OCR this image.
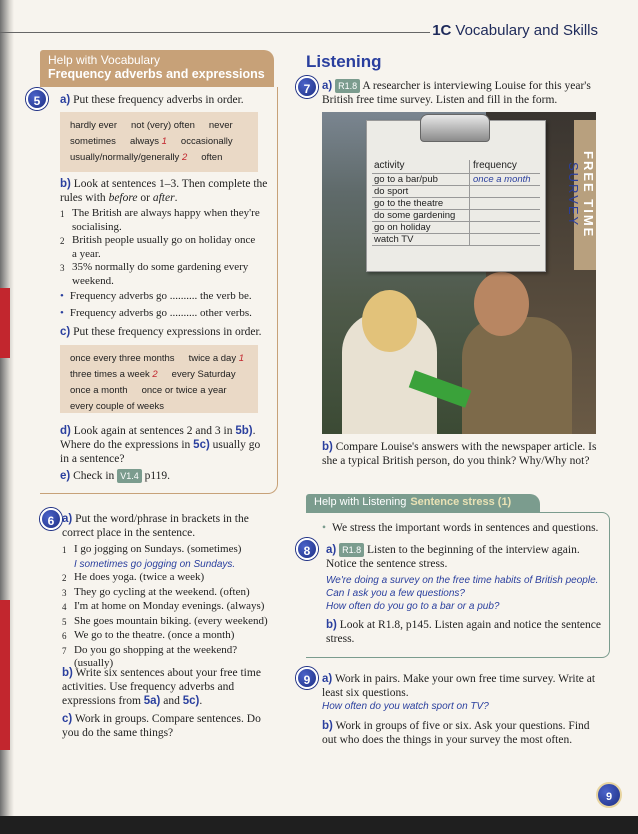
1C Vocabulary and Skills
Help with Vocabulary
Frequency adverbs and expressions
5	a) Put these frequency adverbs in order.
hardly ever not (very) often never
sometimes always 1 occasionally
usually/normally/generally 2 often
b) Look at sentences 1–3. Then complete the rules with before or after.
1 The British are always happy when they're socialising.
2 British people usually go on holiday once a year.
3 35% normally do some gardening every weekend.
• Frequency adverbs go .......... the verb be.
• Frequency adverbs go .......... other verbs.
c) Put these frequency expressions in order.
once every three months twice a day 1
three times a week 2 every Saturday
once a month once or twice a year
every couple of weeks
d) Look again at sentences 2 and 3 in 5b). Where do the expressions in 5c) usually go in a sentence?
e) Check in V1.4 p119.
6 a) Put the word/phrase in brackets in the correct place in the sentence.
1 I go jogging on Sundays. (sometimes)
I sometimes go jogging on Sundays.
2 He does yoga. (twice a week)
3 They go cycling at the weekend. (often)
4 I'm at home on Monday evenings. (always)
5 She goes mountain biking. (every weekend)
6 We go to the theatre. (once a month)
7 Do you go shopping at the weekend? (usually)
b) Write six sentences about your free time activities. Use frequency adverbs and expressions from 5a) and 5c).
c) Work in groups. Compare sentences. Do you do the same things?
Listening
7	a) R1.8 A researcher is interviewing Louise for this year's British free time survey. Listen and fill in the form.
activity	frequency
go to a bar/pub	once a month
do sport
go to the theatre
do some gardening
go on holiday
watch TV
FREE TIME
SURVEY
b) Compare Louise's answers with the newspaper article. Is she a typical British person, do you think? Why/Why not?
Help with Listening Sentence stress (1)
• We stress the important words in sentences and questions.
8	a) R1.8 Listen to the beginning of the interview again. Notice the sentence stress.
We're doing a survey on the free time habits of British people.
Can I ask you a few questions?
How often do you go to a bar or a pub?
b) Look at R1.8, p145. Listen again and notice the sentence stress.
9	a) Work in pairs. Make your own free time survey. Write at least six questions.
How often do you watch sport on TV?
b) Work in groups of five or six. Ask your questions. Find out who does the things in your survey the most often.
9
